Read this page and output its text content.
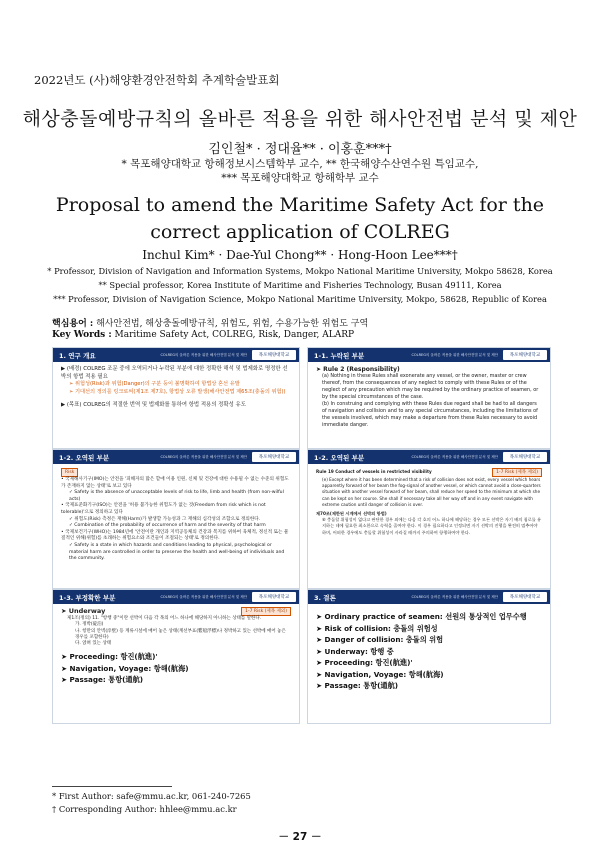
2022년도 (사)해양환경안전학회 추계학술발표회
해상충돌예방규칙의 올바른 적용을 위한 해사안전법 분석 및 제안
김인철* · 정대율** · 이홍훈***†
* 목포해양대학교 항해정보시스템학부 교수, ** 한국해양수산연수원 특임교수,
*** 목포해양대학교 항해학부 교수
Proposal to amend the Maritime Safety Act for the correct application of COLREG
Inchul Kim* · Dae-Yul Chong** · Hong-Hoon Lee***†
* Professor, Division of Navigation and Information Systems, Mokpo National Maritime University, Mokpo 58628, Korea
** Special professor, Korea Institute of Maritime and Fisheries Technology, Busan 49111, Korea
*** Professor, Division of Navigation Science, Mokpo National Maritime University, Mokpo, 58628, Republic of Korea
핵심용어 : 해사안전법, 해상충돌예방규칙, 위험도, 위험, 수용가능한 위험도 구역
Key Words : Maritime Safety Act, COLREG, Risk, Danger, ALARP
1. 연구 개요	COLREG의 올바른 적용을 위한 해사안전법 분석 및 제안	목포해양대학교
▶ (배경) COLREG 조문 중에 오역되거나 누락된 부분에 대한 정확한 해석 및 법제화로 명정한 선박의 항법 적용 필요
➢ 위험성(Risk)과 위험(Danger)의 구분 등이 불명확하여 항법상 혼선 유발
➢ 기대선의 정의를 링크로써(제1조 제7호), 항법상 오류 발생(해사안전법 제65조(충돌의 위험))
▶ (목표) COLREG의 적절한 번역 및 법제화를 통하여 항법 적용의 정확성 유도
1-1. 누락된 부분	COLREG의 올바른 적용을 위한 해사안전법 분석 및 제안	목포해양대학교
➤ Rule 2 (Responsibility)
(a) Nothing in these Rules shall exonerate any vessel, or the owner, master or crew thereof, from the consequences of any neglect to comply with these Rules or of the neglect of any precaution which may be required by the ordinary practice of seamen, or by the special circumstances of the case.
(b) In construing and complying with these Rules due regard shall be had to all dangers of navigation and collision and to any special circumstances, including the limitations of the vessels involved, which may make a departure from these Rules necessary to avoid immediate danger.
1-2. 오역된 부분	COLREG의 올바른 적용을 위한 해사안전법 분석 및 제안	목포해양대학교
Risk
• 국제해사기구(IMO)는 안전을 '피해자의 많은 할애 이용 인원, 신체 및 건강에 대한 수용될 수 없는 수준의 위험도가 존재하지 않는 상태'로 보고 있다
✓ Safety is the absence of unacceptable levels of risk to life, limb and health (from non-wilful acts)
• 국제표준화기구(ISO)는 안전을 '허용 불가능한 위험도가 없는 것(Freedom from risk which is not tolerable)'으로 정의하고 있다
✓ 위험도(Risk) 측정은 재해(Harm)가 발생할 가능성과 그 재해의 심각성의 조합으로 정의한다.
✓ Combination of the probability of occurrence of harm and the severity of that harm
• 국제보건기구(WHO)는 1984년에 '안전이란 개인과 지역공동체의 건강과 복지를 위하여 육체적, 정신적 또는 물질적인 위해(위험)를 초래하는 위험요소와 조건들이 조절되는 상태'로 정의한다.
✓ Safety is a state in which hazards and conditions leading to physical, psychological or material harm are controlled in order to preserve the health and well-being of individuals and the community.
1-2. 오역된 부분	COLREG의 올바른 적용을 위한 해사안전법 분석 및 제안	목포해양대학교
Rule 19 Conduct of vessels in restricted visibility	1-7 Risk (제목 제외)
(e) Except where it has been determined that a risk of collision does not exist, every vessel which hears apparently forward of her beam the fog-signal of another vessel, or which cannot avoid a close-quarters situation with another vessel forward of her beam, shall reduce her speed to the minimum at which she can be kept on her course. She shall if necessary take all her way off and in any event navigate with extreme caution until danger of collision is over.
제70조(제한된 시계에서 선박의 항법)
⑥ 충돌할 위험성이 없다고 판단한 경우 외에는 다음 각 호의 어느 하나에 해당하는 경우 모든 선박은 자기 배의 침로를 유지하는 데에 필요한 최소한으로 속력을 줄여야 한다. 이 경우 필요하다고 인정되면 자기 선박의 진행을 완전히 멈추어야 하며, 어떠한 경우에도 충돌할 위험성이 사라질 때까지 주의하여 항행하여야 한다.
1-3. 부정확한 부분	COLREG의 올바른 적용을 위한 해사안전법 분석 및 제안	목포해양대학교
➤ Underway	1-7 Risk (제목 제외)
제1조(정의) 11. "항행 중"이란 선박이 다음 각 목의 어느 하나에 해당하지 아니하는 상태를 말한다.
가. 정박(碇泊)
나. 항만의 안벽(岸壁) 등 계류시설에 매어 놓은 상태(계선부표(繫船浮標)나 정박하고 있는 선박에 매어 놓은 경우를 포함한다)
다. 얹혀 있는 상태
➤ Proceeding: 항진(航進)'
➤ Navigation, Voyage: 항해(航海)
➤ Passage: 통항(通航)
3. 결론	COLREG의 올바른 적용을 위한 해사안전법 분석 및 제안	목포해양대학교
➤ Ordinary practice of seamen: 선원의 통상적인 업무수행
➤ Risk of collision: 충돌의 위험성
➤ Danger of collision: 충돌의 위험
➤ Underway: 항행 중
➤ Proceeding: 항진(航進)'
➤ Navigation, Voyage: 항해(航海)
➤ Passage: 통항(通航)
* First Author: safe@mmu.ac.kr, 061-240-7265
† Corresponding Author: hhlee@mmu.ac.kr
－ 27 －
